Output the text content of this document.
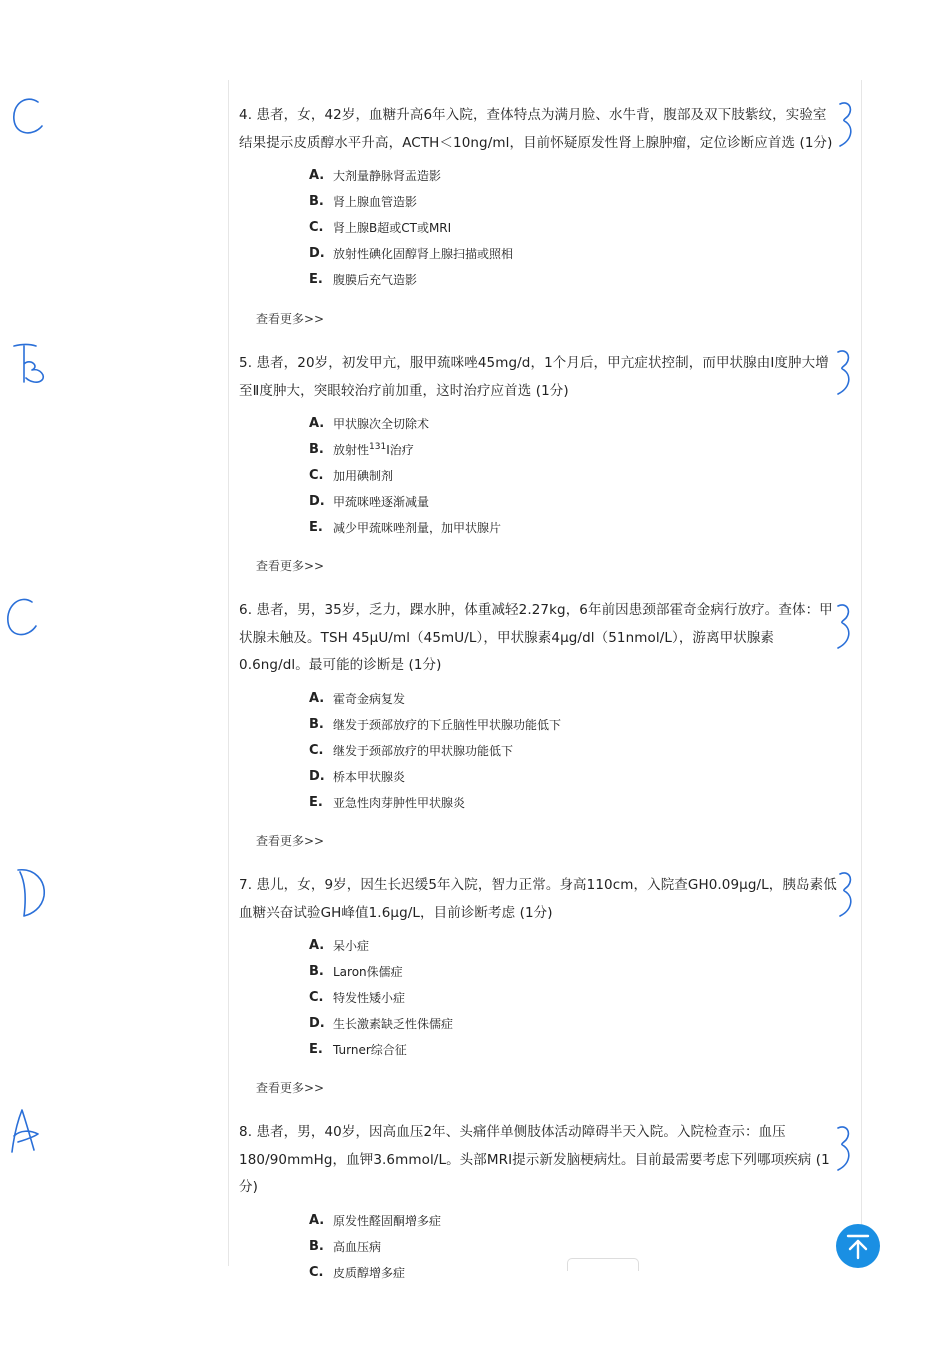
4. 患者，女，42岁，血糖升高6年入院，查体特点为满月脸、水牛背，腹部及双下肢紫纹，实验室结果提示皮质醇水平升高，ACTH＜10ng/ml，目前怀疑原发性肾上腺肿瘤，定位诊断应首选 (1分)

A. 大剂量静脉肾盂造影
B. 肾上腺血管造影
C. 肾上腺B超或CT或MRI
D. 放射性碘化固醇肾上腺扫描或照相
E. 腹膜后充气造影
查看更多>>

5. 患者，20岁，初发甲亢，服甲巯咪唑45mg/d，1个月后，甲亢症状控制，而甲状腺由Ⅰ度肿大增至Ⅱ度肿大，突眼较治疗前加重，这时治疗应首选 (1分)

A. 甲状腺次全切除术
B. 放射性$^{131}$I治疗
C. 加用碘制剂
D. 甲巯咪唑逐渐减量
E. 减少甲巯咪唑剂量，加甲状腺片
查看更多>>

6. 患者，男，35岁，乏力，踝水肿，体重减轻2.27kg，6年前因患颈部霍奇金病行放疗。查体：甲状腺未触及。TSH 45μU/ml（45mU/L），甲状腺素4μg/dl（51nmol/L），游离甲状腺素0.6ng/dl。最可能的诊断是 (1分)

A. 霍奇金病复发
B. 继发于颈部放疗的下丘脑性甲状腺功能低下
C. 继发于颈部放疗的甲状腺功能低下
D. 桥本甲状腺炎
E. 亚急性肉芽肿性甲状腺炎
查看更多>>

7. 患儿，女，9岁，因生长迟缓5年入院，智力正常。身高110cm，入院查GH0.09μg/L，胰岛素低血糖兴奋试验GH峰值1.6μg/L，目前诊断考虑 (1分)

A. 呆小症
B. Laron侏儒症
C. 特发性矮小症
D. 生长激素缺乏性侏儒症
E. Turner综合征
查看更多>>

8. 患者，男，40岁，因高血压2年、头痛伴单侧肢体活动障碍半天入院。入院检查示：血压180/90mmHg，血钾3.6mmol/L。头部MRI提示新发脑梗病灶。目前最需要考虑下列哪项疾病 (1分)

A. 原发性醛固酮增多症
B. 高血压病
C. 皮质醇增多症
